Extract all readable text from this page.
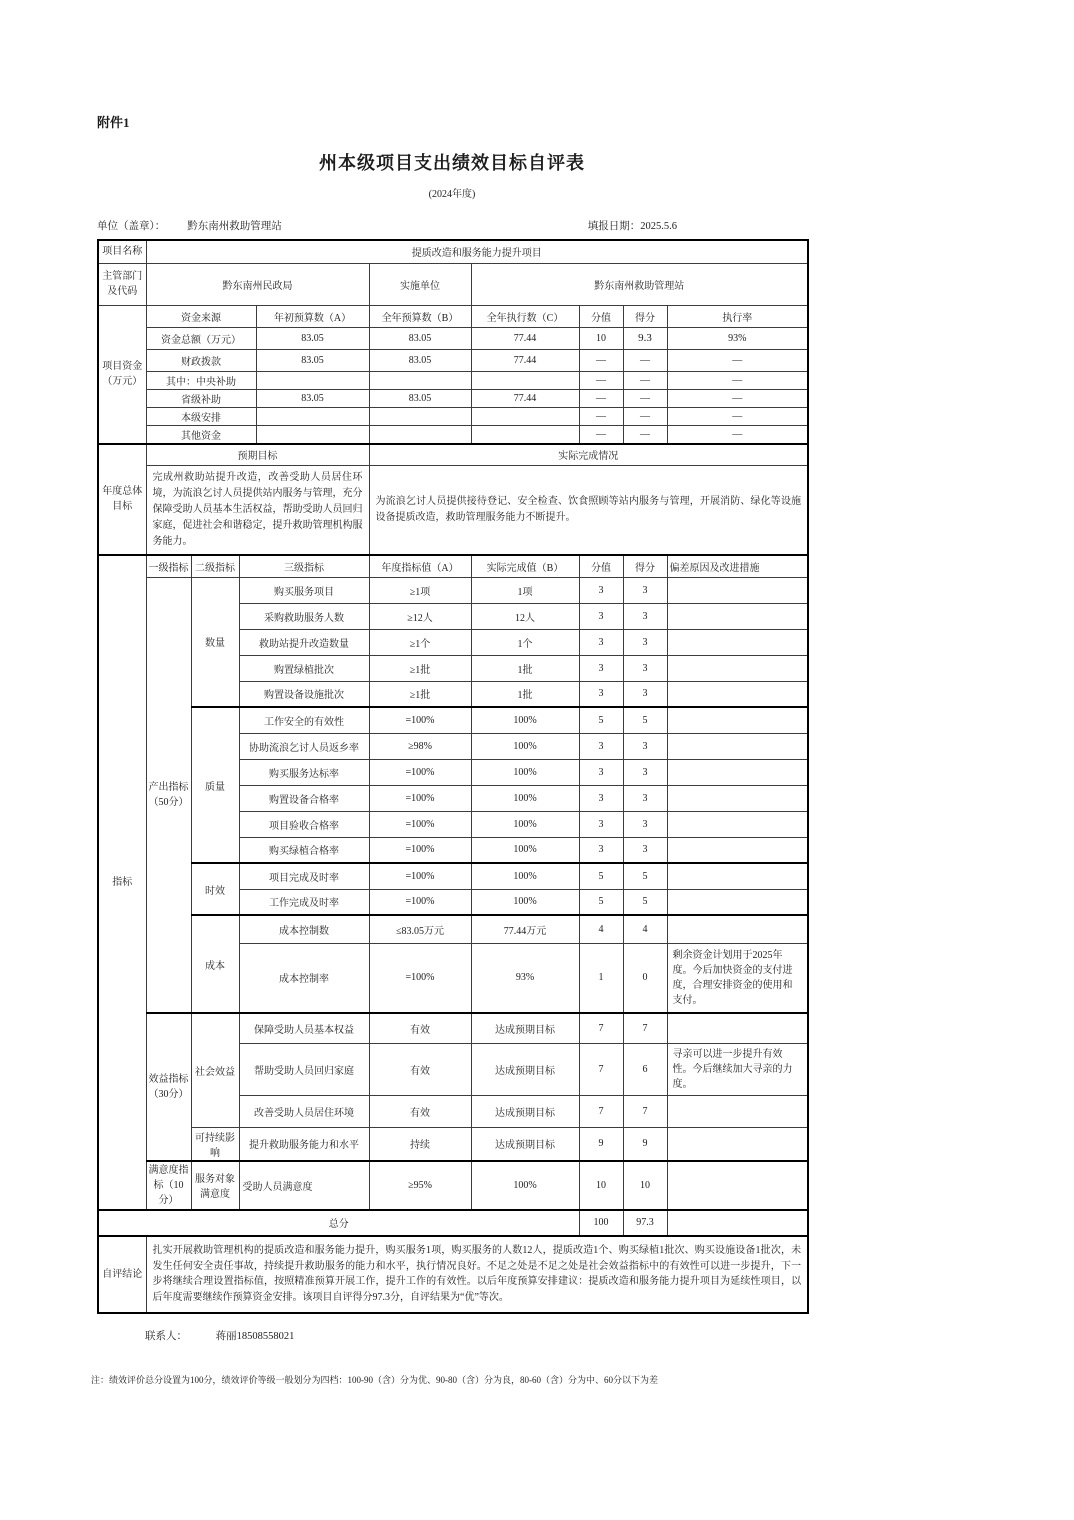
附件1
州本级项目支出绩效目标自评表
(2024年度)
单位（盖章）： 黔东南州救助管理站	填报日期：2025.5.6
项目名称	提质改造和服务能力提升项目								
主管部门及代码	黔东南州民政局				实施单位	黔东南州救助管理站			
项目资金（万元）	资金来源			年初预算数（A）	全年预算数（B）	全年执行数（C）	分值	得分	执行率
	资金总额（万元）			83.05	83.05	77.44	10	9.3	93%
	财政拨款			83.05	83.05	77.44	—	—	—
	其中：中央补助						—	—	—
	省级补助			83.05	83.05	77.44	—	—	—
	本级安排						—	—	—
	其他资金						—	—	—
年度总体目标	预期目标				实际完成情况				
	完成州救助站提升改造，改善受助人员居住环境，为流浪乞讨人员提供站内服务与管理，充分保障受助人员基本生活权益，帮助受助人员回归家庭，促进社会和谐稳定，提升救助管理机构服务能力。				为流浪乞讨人员提供接待登记、安全检查、饮食照顾等站内服务与管理，开展消防、绿化等设施设备提质改造，救助管理服务能力不断提升。				
指标	一级指标	二级指标	三级指标		年度指标值（A）	实际完成值（B）	分值	得分	偏差原因及改进措施
	产出指标（50分）	数量	购买服务项目		≥1项	1项	3	3	
			采购救助服务人数		≥12人	12人	3	3	
			救助站提升改造数量		≥1个	1个	3	3	
			购置绿植批次		≥1批	1批	3	3	
			购置设备设施批次		≥1批	1批	3	3	
		质量	工作安全的有效性		=100%	100%	5	5	
			协助流浪乞讨人员返乡率		≥98%	100%	3	3	
			购买服务达标率		=100%	100%	3	3	
			购置设备合格率		=100%	100%	3	3	
			项目验收合格率		=100%	100%	3	3	
			购买绿植合格率		=100%	100%	3	3	
		时效	项目完成及时率		=100%	100%	5	5	
			工作完成及时率		=100%	100%	5	5	
		成本	成本控制数		≤83.05万元	77.44万元	4	4	
			成本控制率		=100%	93%	1	0	剩余资金计划用于2025年度。今后加快资金的支付进度，合理安排资金的使用和支付。
	效益指标（30分）	社会效益	保障受助人员基本权益		有效	达成预期目标	7	7	
			帮助受助人员回归家庭		有效	达成预期目标	7	6	寻亲可以进一步提升有效性。今后继续加大寻亲的力度。
			改善受助人员居住环境		有效	达成预期目标	7	7	
		可持续影响	提升救助服务能力和水平		持续	达成预期目标	9	9	
	满意度指标（10分）	服务对象满意度	受助人员满意度		≥95%	100%	10	10	
总分							100	97.3	
自评结论	扎实开展救助管理机构的提质改造和服务能力提升，购买服务1项，购买服务的人数12人，提质改造1个、购买绿植1批次、购买设施设备1批次，未发生任何安全责任事故，持续提升救助服务的能力和水平，执行情况良好。不足之处是不足之处是社会效益指标中的有效性可以进一步提升，下一步将继续合理设置指标值，按照精准预算开展工作，提升工作的有效性。以后年度预算安排建议：提质改造和服务能力提升项目为延续性项目，以后年度需要继续作预算资金安排。该项目自评得分97.3分，自评结果为“优”等次。								
联系人：	蒋丽18508558021
注：绩效评价总分设置为100分，绩效评价等级一般划分为四档：100-90（含）分为优、90-80（含）分为良，80-60（含）分为中、60分以下为差
